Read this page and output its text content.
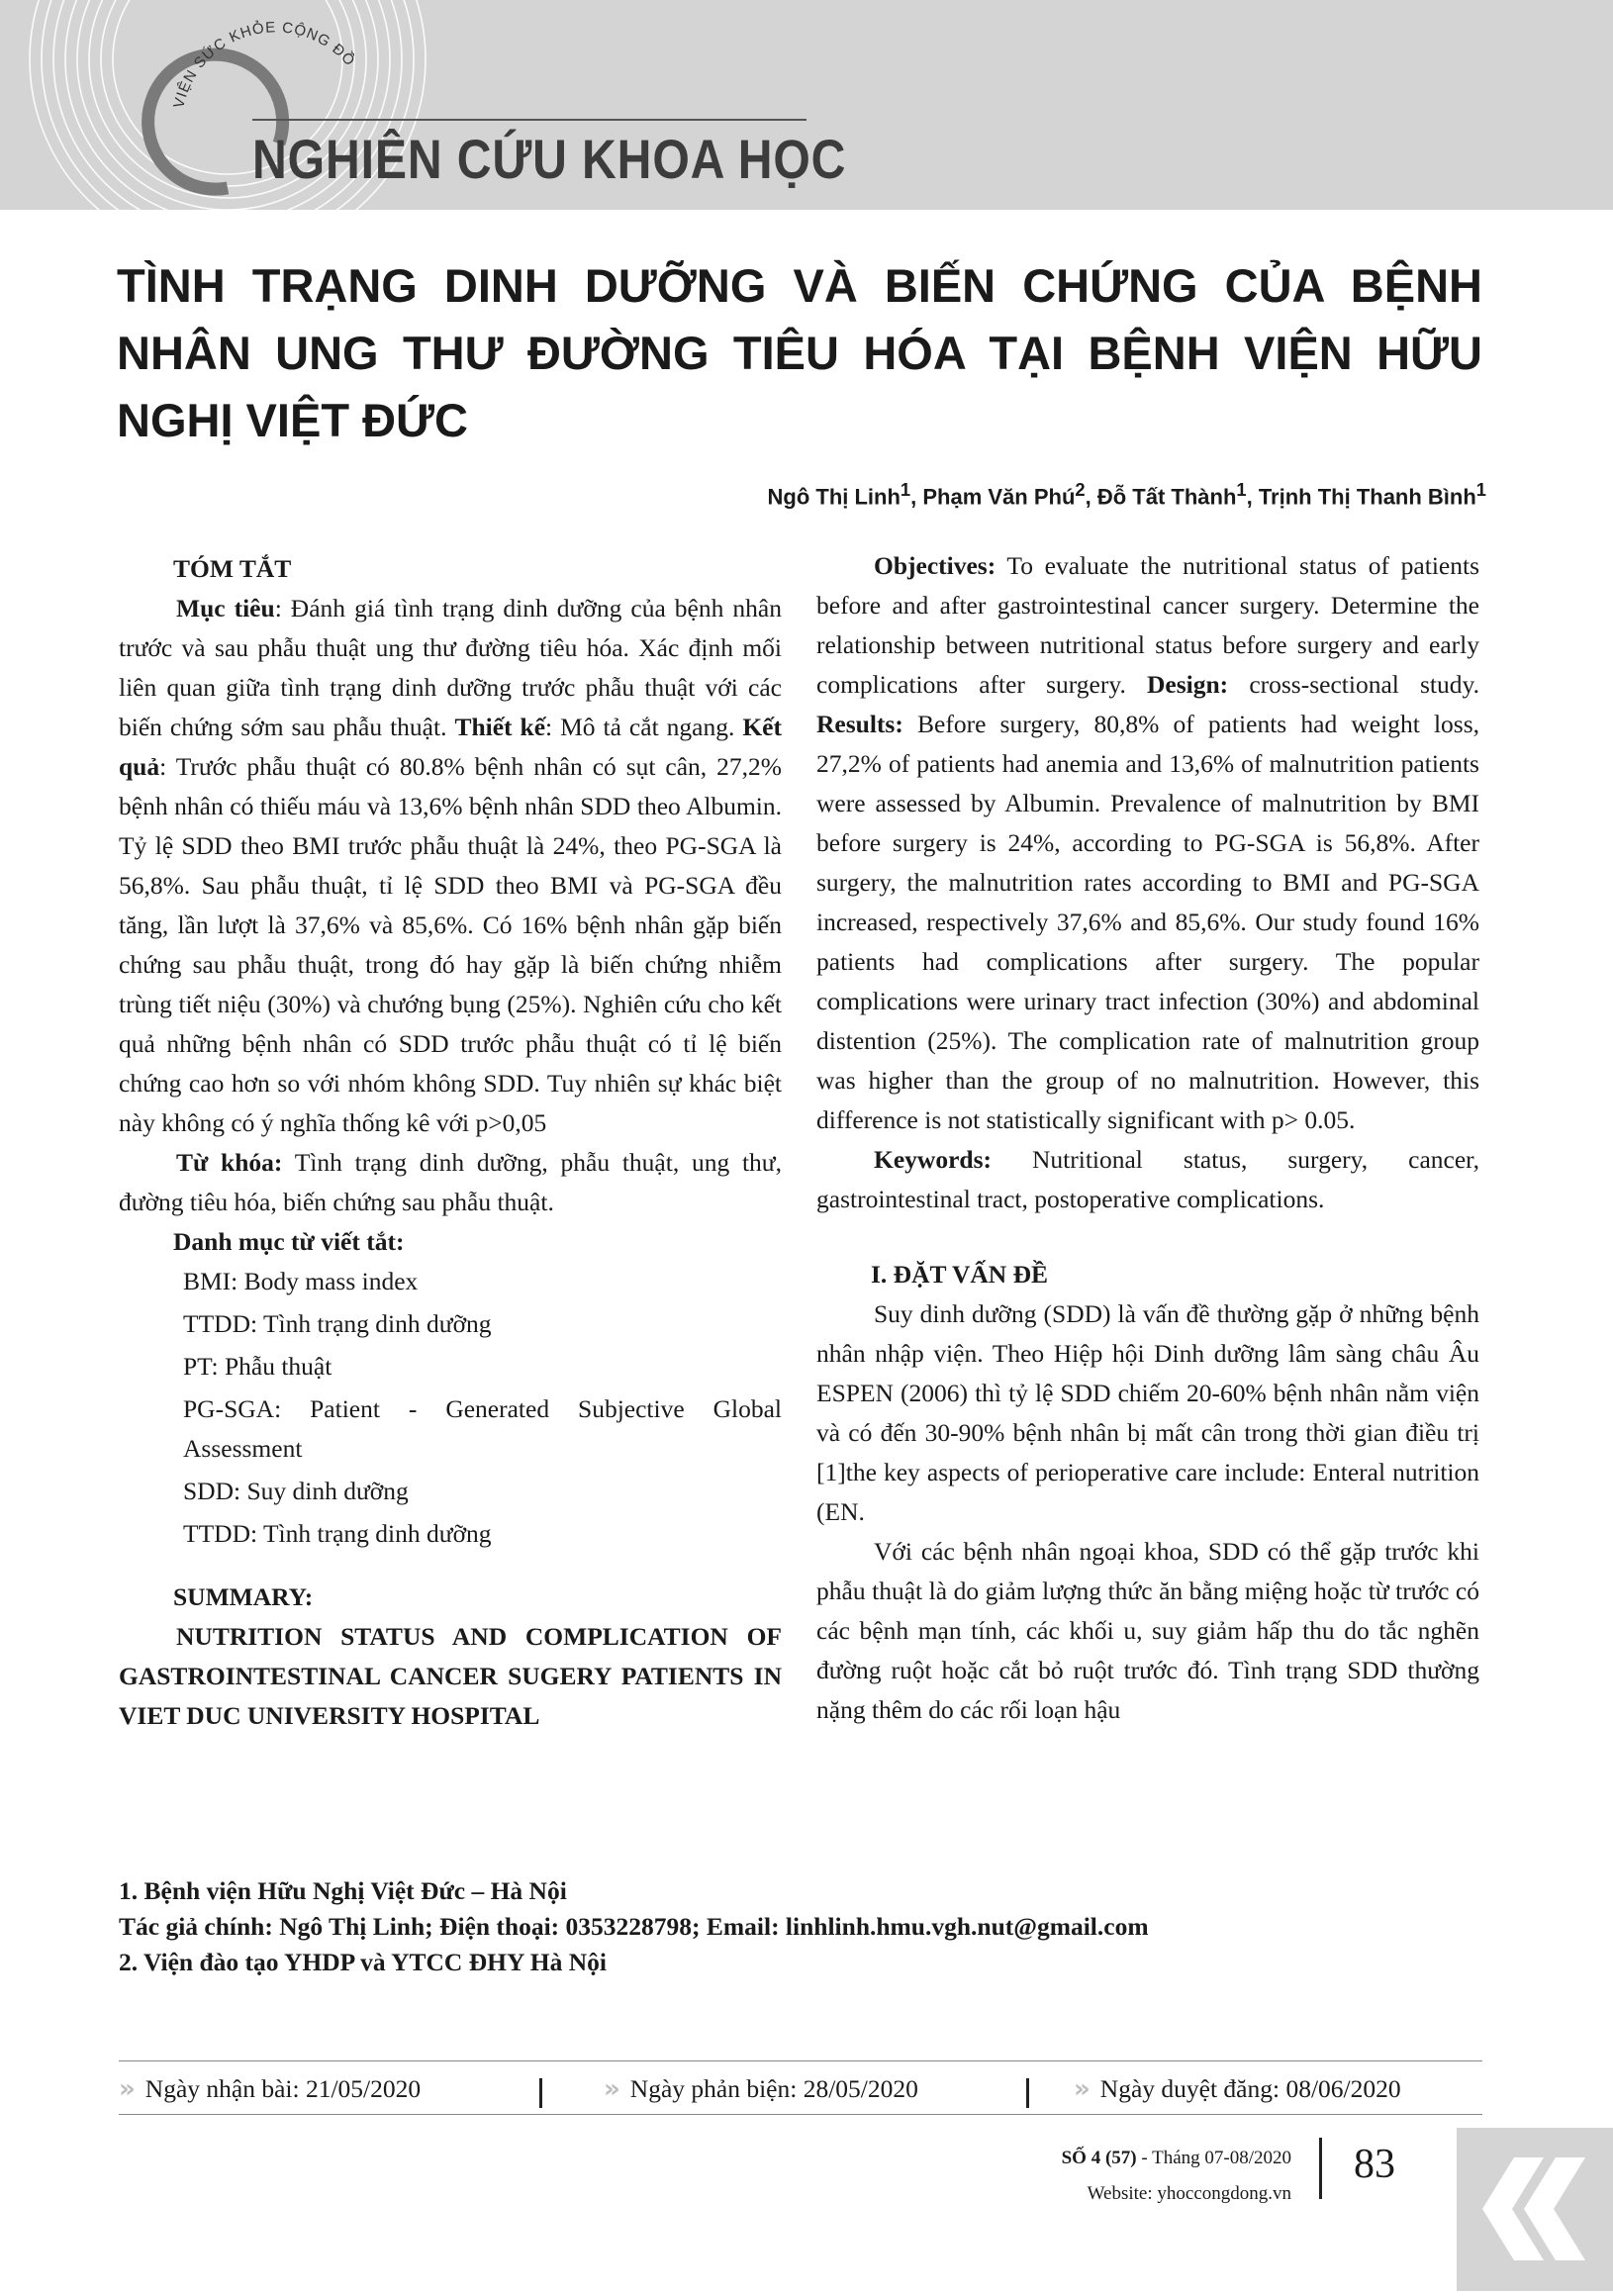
VIỆN SỨC KHỎE CỘNG ĐỒ
NGHIÊN CỨU KHOA HỌC
TÌNH TRẠNG DINH DƯỠNG VÀ BIẾN CHỨNG CỦA BỆNH NHÂN UNG THƯ ĐƯỜNG TIÊU HÓA TẠI BỆNH VIỆN HỮU NGHỊ VIỆT ĐỨC

Ngô Thị Linh$^1$, Phạm Văn Phú$^2$, Đỗ Tất Thành$^1$, Trịnh Thị Thanh Bình$^1$

TÓM TẮT

Mục tiêu: Đánh giá tình trạng dinh dưỡng của bệnh nhân trước và sau phẫu thuật ung thư đường tiêu hóa. Xác định mối liên quan giữa tình trạng dinh dưỡng trước phẫu thuật với các biến chứng sớm sau phẫu thuật. Thiết kế: Mô tả cắt ngang. Kết quả: Trước phẫu thuật có 80.8% bệnh nhân có sụt cân, 27,2% bệnh nhân có thiếu máu và 13,6% bệnh nhân SDD theo Albumin. Tỷ lệ SDD theo BMI trước phẫu thuật là 24%, theo PG-SGA là 56,8%. Sau phẫu thuật, tỉ lệ SDD theo BMI và PG-SGA đều tăng, lần lượt là 37,6% và 85,6%. Có 16% bệnh nhân gặp biến chứng sau phẫu thuật, trong đó hay gặp là biến chứng nhiễm trùng tiết niệu (30%) và chướng bụng (25%). Nghiên cứu cho kết quả những bệnh nhân có SDD trước phẫu thuật có tỉ lệ biến chứng cao hơn so với nhóm không SDD. Tuy nhiên sự khác biệt này không có ý nghĩa thống kê với p>0,05

Từ khóa: Tình trạng dinh dưỡng, phẫu thuật, ung thư, đường tiêu hóa, biến chứng sau phẫu thuật.

Danh mục từ viết tắt:

BMI: Body mass index
TTDD: Tình trạng dinh dưỡng
PT: Phẫu thuật
PG-SGA: Patient - Generated Subjective Global Assessment
SDD: Suy dinh dưỡng
TTDD: Tình trạng dinh dưỡng

SUMMARY:

NUTRITION STATUS AND COMPLICATION OF GASTROINTESTINAL CANCER SUGERY PATIENTS IN VIET DUC UNIVERSITY HOSPITAL

Objectives: To evaluate the nutritional status of patients before and after gastrointestinal cancer surgery. Determine the relationship between nutritional status before surgery and early complications after surgery. Design: cross-sectional study. Results: Before surgery, 80,8% of patients had weight loss, 27,2% of patients had anemia and 13,6% of malnutrition patients were assessed by Albumin. Prevalence of malnutrition by BMI before surgery is 24%, according to PG-SGA is 56,8%. After surgery, the malnutrition rates according to BMI and PG-SGA increased, respectively 37,6% and 85,6%. Our study found 16% patients had complications after surgery. The popular complications were urinary tract infection (30%) and abdominal distention (25%). The complication rate of malnutrition group was higher than the group of no malnutrition. However, this difference is not statistically significant with p> 0.05.

Keywords: Nutritional status, surgery, cancer, gastrointestinal tract, postoperative complications.

I. ĐẶT VẤN ĐỀ

Suy dinh dưỡng (SDD) là vấn đề thường gặp ở những bệnh nhân nhập viện. Theo Hiệp hội Dinh dưỡng lâm sàng châu Âu ESPEN (2006) thì tỷ lệ SDD chiếm 20-60% bệnh nhân nằm viện và có đến 30-90% bệnh nhân bị mất cân trong thời gian điều trị [1]the key aspects of perioperative care include: Enteral nutrition (EN.

Với các bệnh nhân ngoại khoa, SDD có thể gặp trước khi phẫu thuật là do giảm lượng thức ăn bằng miệng hoặc từ trước có các bệnh mạn tính, các khối u, suy giảm hấp thu do tắc nghẽn đường ruột hoặc cắt bỏ ruột trước đó. Tình trạng SDD thường nặng thêm do các rối loạn hậu

1. Bệnh viện Hữu Nghị Việt Đức – Hà Nội

Tác giả chính: Ngô Thị Linh; Điện thoại: 0353228798; Email: linhlinh.hmu.vgh.nut@gmail.com

2. Viện đào tạo YHDP và YTCC ĐHY Hà Nội

» Ngày nhận bài: 21/05/2020	» Ngày phản biện: 28/05/2020	» Ngày duyệt đăng: 08/06/2020
SỐ 4 (57) - Tháng 07-08/2020
Website: yhoccongdong.vn
83
